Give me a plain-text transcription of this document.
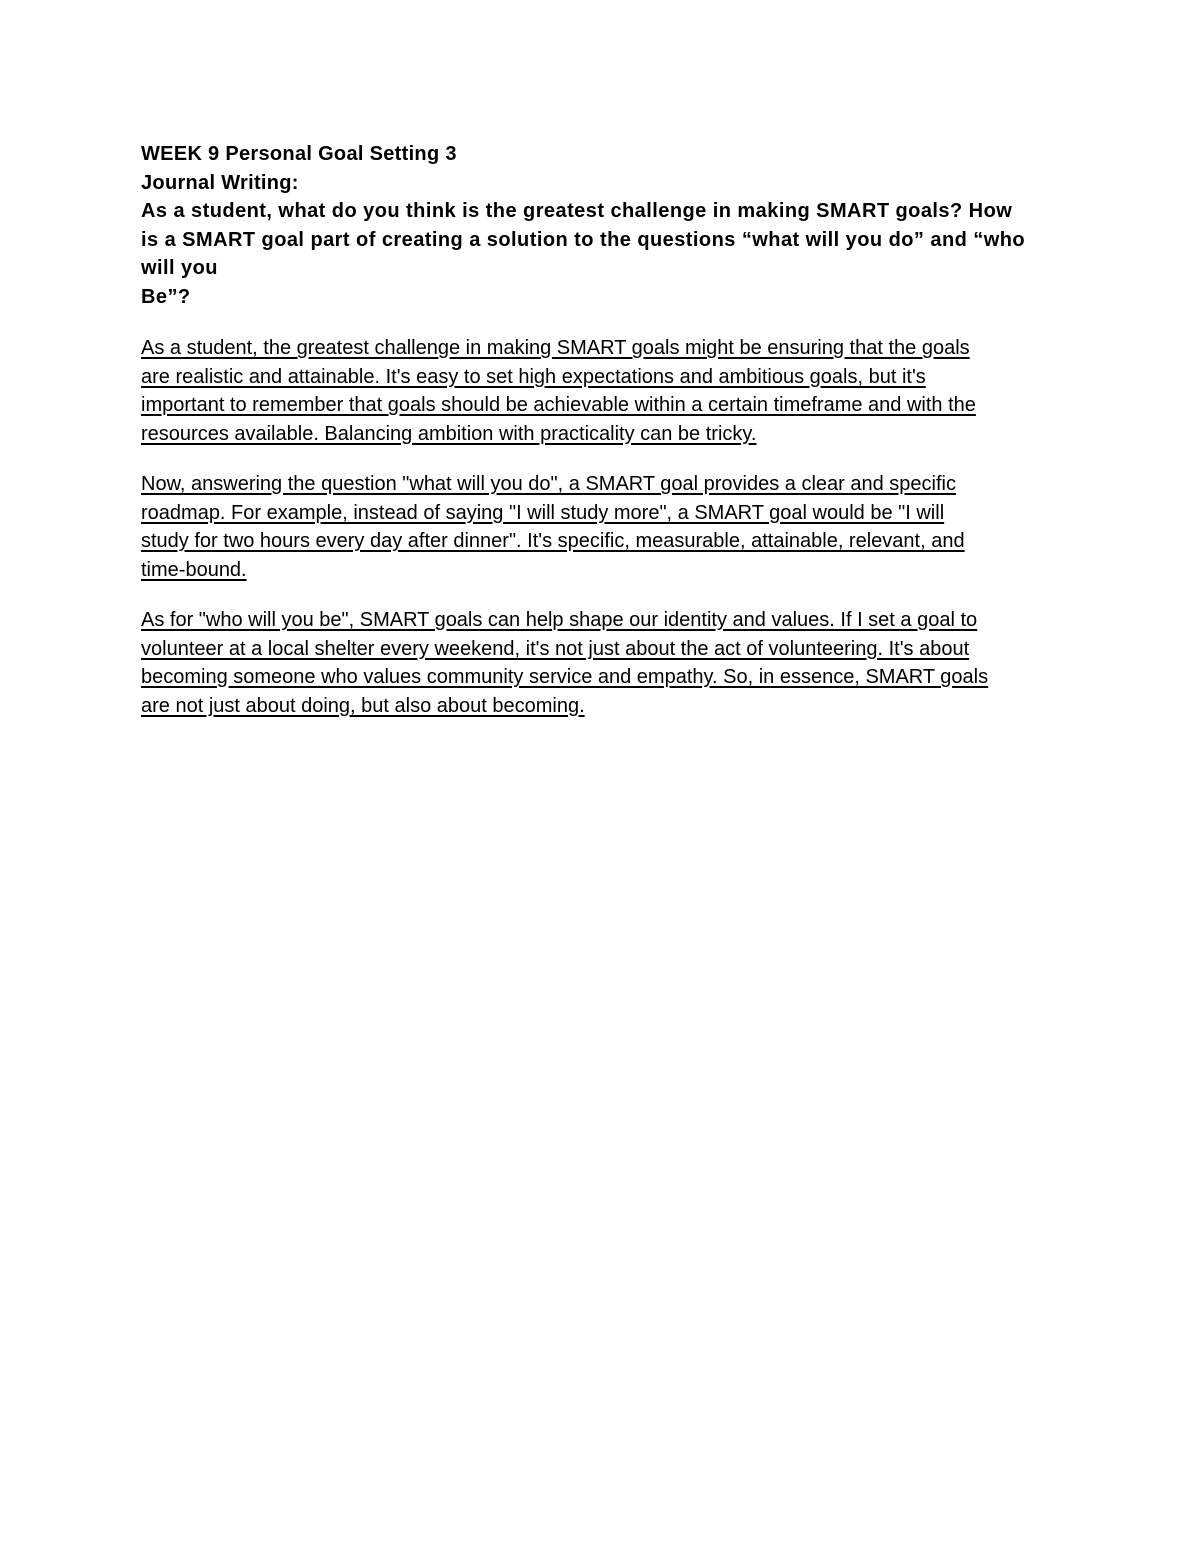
WEEK 9 Personal Goal Setting 3

Journal Writing:

As a student, what do you think is the greatest challenge in making SMART goals? How
is a SMART goal part of creating a solution to the questions “what will you do” and “who
will you
Be”?

As a student, the greatest challenge in making SMART goals might be ensuring that the goals
are realistic and attainable. It's easy to set high expectations and ambitious goals, but it's
important to remember that goals should be achievable within a certain timeframe and with the
resources available. Balancing ambition with practicality can be tricky.

Now, answering the question "what will you do", a SMART goal provides a clear and specific
roadmap. For example, instead of saying "I will study more", a SMART goal would be "I will
study for two hours every day after dinner". It's specific, measurable, attainable, relevant, and
time-bound.

As for "who will you be", SMART goals can help shape our identity and values. If I set a goal to
volunteer at a local shelter every weekend, it's not just about the act of volunteering. It's about
becoming someone who values community service and empathy. So, in essence, SMART goals
are not just about doing, but also about becoming.
